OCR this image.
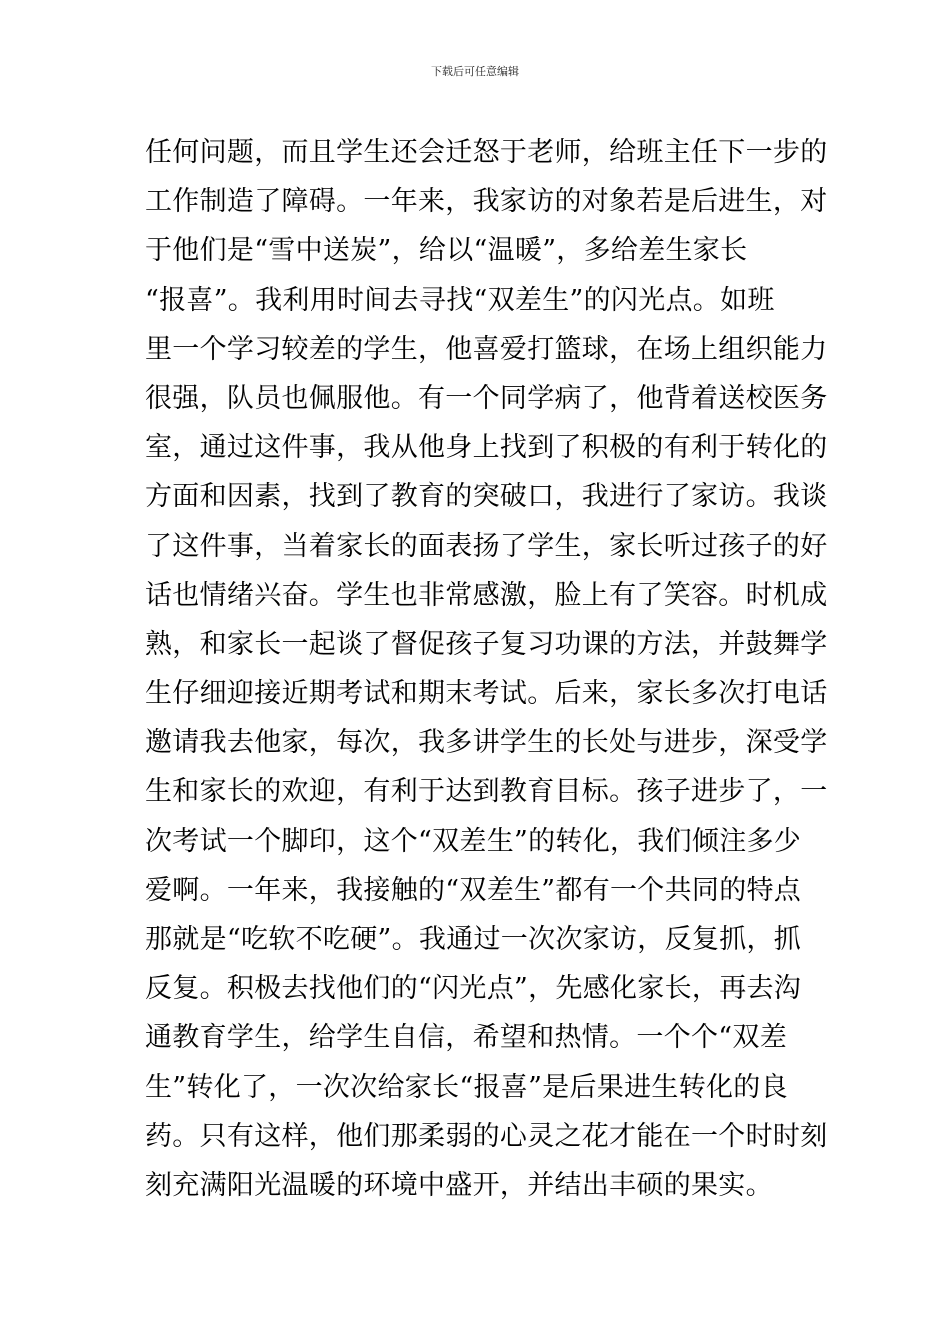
下载后可任意编辑
任何问题，而且学生还会迁怒于老师，给班主任下一步的
工作制造了障碍。一年来，我家访的对象若是后进生，对
于他们是“雪中送炭”，给以“温暖”，多给差生家长
“报喜”。我利用时间去寻找“双差生”的闪光点。如班
里一个学习较差的学生，他喜爱打篮球，在场上组织能力
很强，队员也佩服他。有一个同学病了，他背着送校医务
室，通过这件事，我从他身上找到了积极的有利于转化的
方面和因素，找到了教育的突破口，我进行了家访。我谈
了这件事，当着家长的面表扬了学生，家长听过孩子的好
话也情绪兴奋。学生也非常感激，脸上有了笑容。时机成
熟，和家长一起谈了督促孩子复习功课的方法，并鼓舞学
生仔细迎接近期考试和期末考试。后来，家长多次打电话
邀请我去他家，每次，我多讲学生的长处与进步，深受学
生和家长的欢迎，有利于达到教育目标。孩子进步了，一
次考试一个脚印，这个“双差生”的转化，我们倾注多少
爱啊。一年来，我接触的“双差生”都有一个共同的特点
那就是“吃软不吃硬”。我通过一次次家访，反复抓，抓
反复。积极去找他们的“闪光点”，先感化家长，再去沟
通教育学生，给学生自信，希望和热情。一个个“双差
生”转化了，一次次给家长“报喜”是后果进生转化的良
药。只有这样，他们那柔弱的心灵之花才能在一个时时刻
刻充满阳光温暖的环境中盛开，并结出丰硕的果实。
